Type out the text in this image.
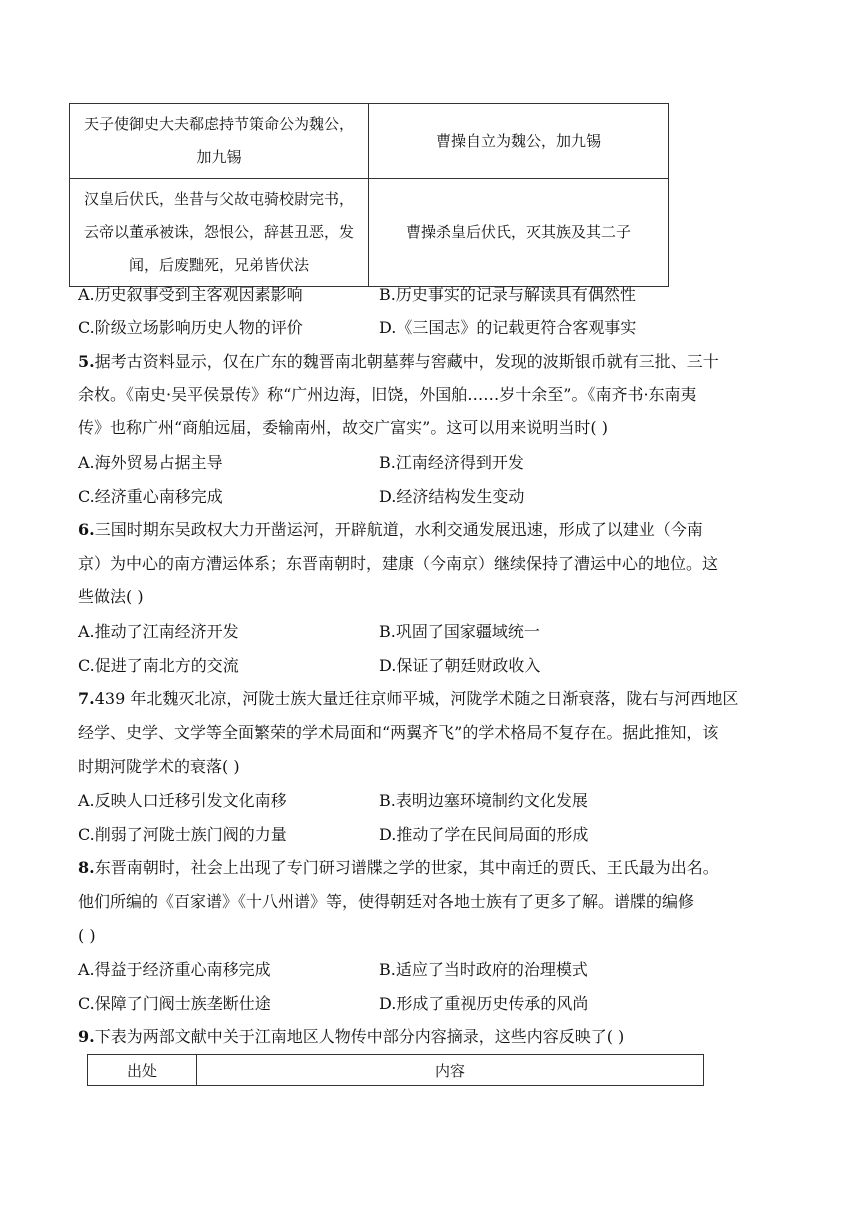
天子使御史大夫郗虑持节策命公为魏公，加九锡	曹操自立为魏公，加九锡
汉皇后伏氏，坐昔与父故屯骑校尉完书，云帝以董承被诛，怨恨公，辞甚丑恶，发闻，后废黜死，兄弟皆伏法	曹操杀皇后伏氏，灭其族及其二子
A.历史叙事受到主客观因素影响	B.历史事实的记录与解读具有偶然性
C.阶级立场影响历史人物的评价	D.《三国志》的记载更符合客观事实
5.据考古资料显示，仅在广东的魏晋南北朝墓葬与窖藏中，发现的波斯银币就有三批、三十
余枚。《南史·吴平侯景传》称“广州边海，旧饶，外国舶……岁十余至”。《南齐书·东南夷
传》也称广州“商舶远届，委输南州，故交广富实”。这可以用来说明当时( )
A.海外贸易占据主导	B.江南经济得到开发
C.经济重心南移完成	D.经济结构发生变动
6.三国时期东吴政权大力开凿运河，开辟航道，水利交通发展迅速，形成了以建业（今南
京）为中心的南方漕运体系；东晋南朝时，建康（今南京）继续保持了漕运中心的地位。这
些做法( )
A.推动了江南经济开发	B.巩固了国家疆域统一
C.促进了南北方的交流	D.保证了朝廷财政收入
7.439 年北魏灭北凉，河陇士族大量迁往京师平城，河陇学术随之日渐衰落，陇右与河西地区
经学、史学、文学等全面繁荣的学术局面和“两翼齐飞”的学术格局不复存在。据此推知，该
时期河陇学术的衰落( )
A.反映人口迁移引发文化南移	B.表明边塞环境制约文化发展
C.削弱了河陇士族门阀的力量	D.推动了学在民间局面的形成
8.东晋南朝时，社会上出现了专门研习谱牒之学的世家，其中南迁的贾氏、王氏最为出名。
他们所编的《百家谱》《十八州谱》等，使得朝廷对各地士族有了更多了解。谱牒的编修
( )
A.得益于经济重心南移完成	B.适应了当时政府的治理模式
C.保障了门阀士族垄断仕途	D.形成了重视历史传承的风尚
9.下表为两部文献中关于江南地区人物传中部分内容摘录，这些内容反映了( )
出处	内容
